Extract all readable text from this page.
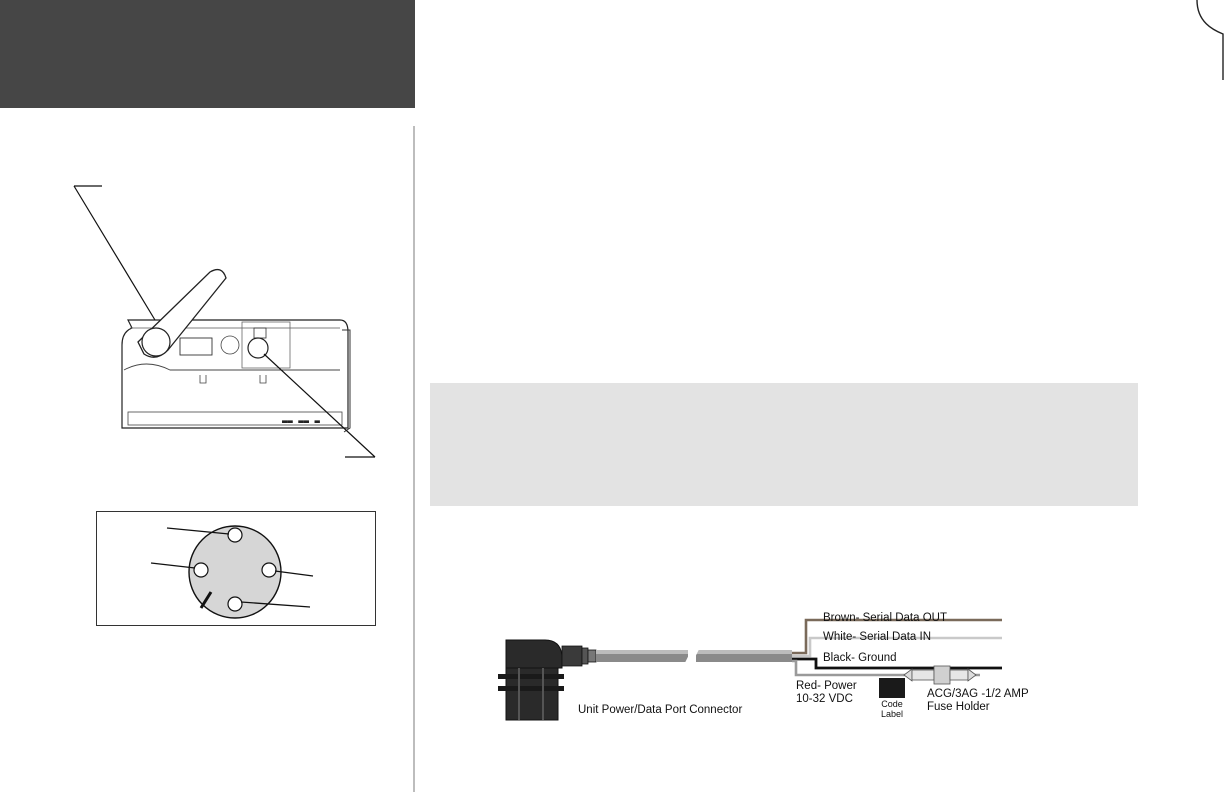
▬▬ ▬▬ ▬
Brown- Serial Data OUT
White- Serial Data IN
Black- Ground
Red- Power
10-32 VDC	Code
Label
ACG/3AG -1/2 AMP
Fuse Holder
Unit Power/Data Port Connector
